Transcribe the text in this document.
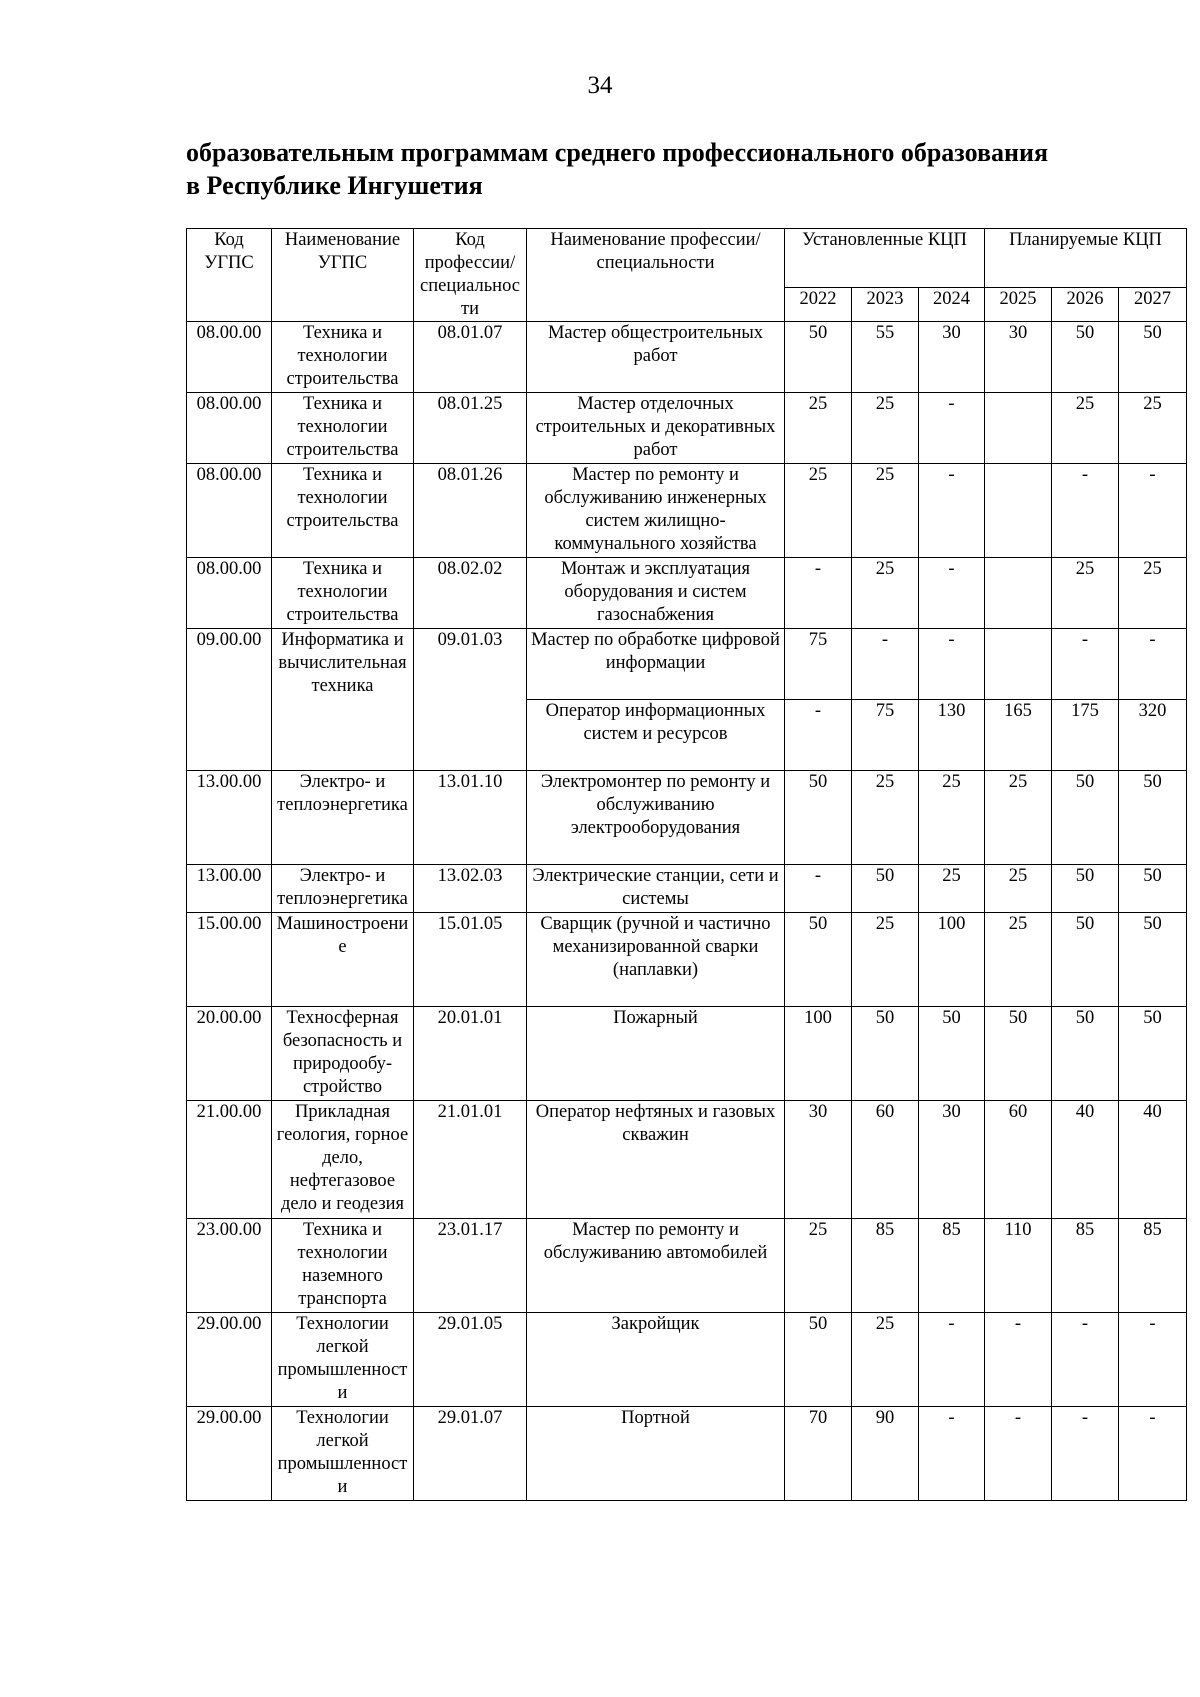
34
образовательным программам среднего профессионального образования
в Республике Ингушетия
Код УГПС	Наименование УГПС	Код профессии/ специальнос ти	Наименование профессии/ специальности	Установленные КЦП			Планируемые КЦП		
				2022	2023	2024	2025	2026	2027
08.00.00	Техника и технологии строительства	08.01.07	Мастер общестроительных работ	50	55	30	30	50	50
08.00.00	Техника и технологии строительства	08.01.25	Мастер отделочных строительных и декоративных работ	25	25	-		25	25
08.00.00	Техника и технологии строительства	08.01.26	Мастер по ремонту и обслуживанию инженерных систем жилищно-коммунального хозяйства	25	25	-		-	-
08.00.00	Техника и технологии строительства	08.02.02	Монтаж и эксплуатация оборудования и систем газоснабжения	-	25	-		25	25
09.00.00	Информатика и вычислительная техника	09.01.03	Мастер по обработке цифровой информации	75	-	-		-	-
			Оператор информационных систем и ресурсов	-	75	130	165	175	320
13.00.00	Электро- и теплоэнергетика	13.01.10	Электромонтер по ремонту и обслуживанию электрооборудования	50	25	25	25	50	50
13.00.00	Электро- и теплоэнергетика	13.02.03	Электрические станции, сети и системы	-	50	25	25	50	50
15.00.00	Машиностроени е	15.01.05	Сварщик (ручной и частично механизированной сварки (наплавки)	50	25	100	25	50	50
20.00.00	Техносферная безопасность и природообу-стройство	20.01.01	Пожарный	100	50	50	50	50	50
21.00.00	Прикладная геология, горное дело, нефтегазовое дело и геодезия	21.01.01	Оператор нефтяных и газовых скважин	30	60	30	60	40	40
23.00.00	Техника и технологии наземного транспорта	23.01.17	Мастер по ремонту и обслуживанию автомобилей	25	85	85	110	85	85
29.00.00	Технологии легкой промышленност и	29.01.05	Закройщик	50	25	-	-	-	-
29.00.00	Технологии легкой промышленност и	29.01.07	Портной	70	90	-	-	-	-
